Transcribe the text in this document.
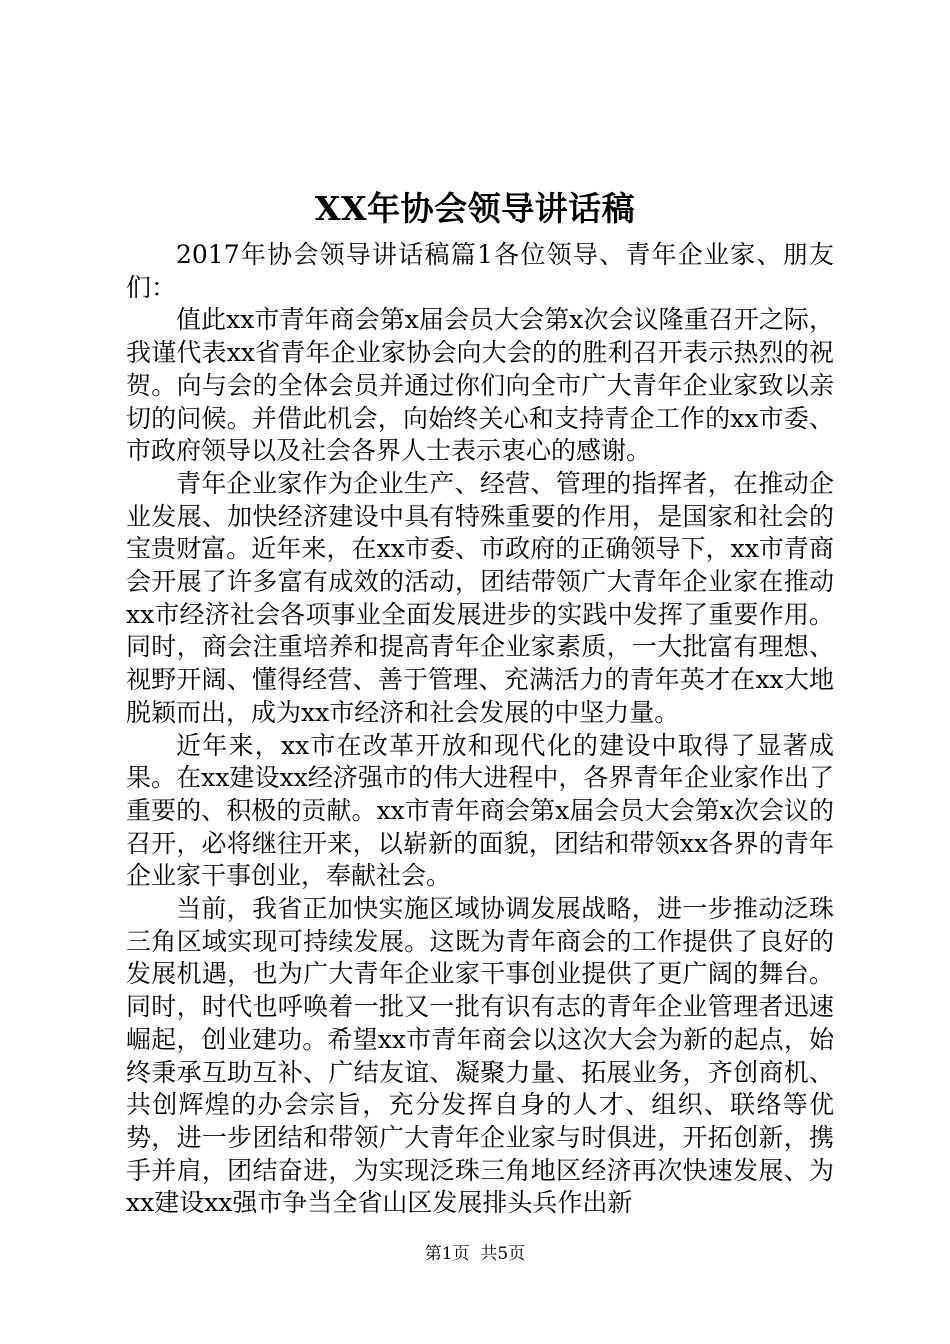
XX年协会领导讲话稿

2017年协会领导讲话稿篇1各位领导、青年企业家、朋友们：

值此xx市青年商会第x届会员大会第x次会议隆重召开之际，我谨代表xx省青年企业家协会向大会的的胜利召开表示热烈的祝贺。向与会的全体会员并通过你们向全市广大青年企业家致以亲切的问候。并借此机会，向始终关心和支持青企工作的xx市委、市政府领导以及社会各界人士表示衷心的感谢。

青年企业家作为企业生产、经营、管理的指挥者，在推动企业发展、加快经济建设中具有特殊重要的作用，是国家和社会的宝贵财富。近年来，在xx市委、市政府的正确领导下，xx市青商会开展了许多富有成效的活动，团结带领广大青年企业家在推动xx市经济社会各项事业全面发展进步的实践中发挥了重要作用。同时，商会注重培养和提高青年企业家素质，一大批富有理想、视野开阔、懂得经营、善于管理、充满活力的青年英才在xx大地脱颖而出，成为xx市经济和社会发展的中坚力量。

近年来，xx市在改革开放和现代化的建设中取得了显著成果。在xx建设xx经济强市的伟大进程中，各界青年企业家作出了重要的、积极的贡献。xx市青年商会第x届会员大会第x次会议的召开，必将继往开来，以崭新的面貌，团结和带领xx各界的青年企业家干事创业，奉献社会。

当前，我省正加快实施区域协调发展战略，进一步推动泛珠三角区域实现可持续发展。这既为青年商会的工作提供了良好的发展机遇，也为广大青年企业家干事创业提供了更广阔的舞台。同时，时代也呼唤着一批又一批有识有志的青年企业管理者迅速崛起，创业建功。希望xx市青年商会以这次大会为新的起点，始终秉承互助互补、广结友谊、凝聚力量、拓展业务，齐创商机、共创辉煌的办会宗旨，充分发挥自身的人才、组织、联络等优势，进一步团结和带领广大青年企业家与时俱进，开拓创新，携手并肩，团结奋进，为实现泛珠三角地区经济再次快速发展、为xx建设xx强市争当全省山区发展排头兵作出新

第1页 共5页
